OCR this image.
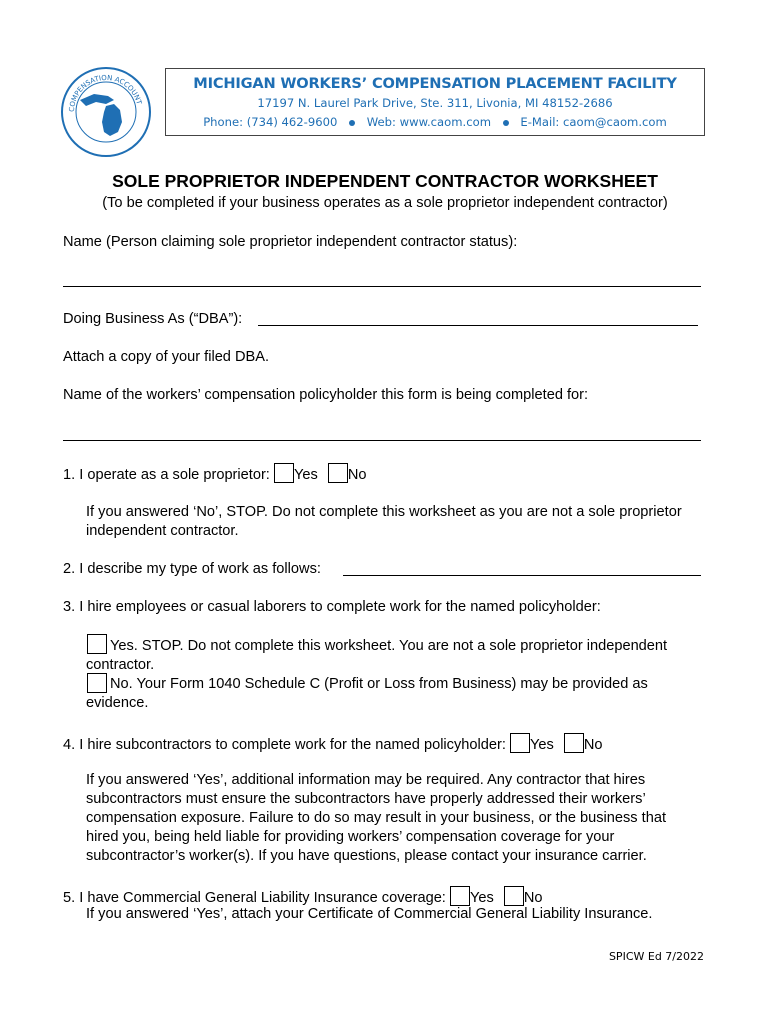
COMPENSATION ACCOUNT
MICHIGAN WORKERS’ COMPENSATION PLACEMENT FACILITY
17197 N. Laurel Park Drive, Ste. 311, Livonia, MI 48152-2686
Phone: (734) 462-9600	Web: www.caom.com	E-Mail: caom@caom.com
SOLE PROPRIETOR INDEPENDENT CONTRACTOR WORKSHEET
(To be completed if your business operates as a sole proprietor independent contractor)
Name (Person claiming sole proprietor independent contractor status):
Doing Business As (“DBA”):
Attach a copy of your filed DBA.
Name of the workers’ compensation policyholder this form is being completed for:
1. I operate as a sole proprietor: Yes No
If you answered ‘No’, STOP. Do not complete this worksheet as you are not a sole proprietor
independent contractor.
2. I describe my type of work as follows:
3. I hire employees or casual laborers to complete work for the named policyholder:
Yes. STOP. Do not complete this worksheet. You are not a sole proprietor independent
contractor.
No. Your Form 1040 Schedule C (Profit or Loss from Business) may be provided as
evidence.
4. I hire subcontractors to complete work for the named policyholder: Yes No
If you answered ‘Yes’, additional information may be required. Any contractor that hires
subcontractors must ensure the subcontractors have properly addressed their workers’
compensation exposure. Failure to do so may result in your business, or the business that
hired you, being held liable for providing workers’ compensation coverage for your
subcontractor’s worker(s). If you have questions, please contact your insurance carrier.
5. I have Commercial General Liability Insurance coverage: Yes No
If you answered ‘Yes’, attach your Certificate of Commercial General Liability Insurance.
SPICW Ed 7/2022
